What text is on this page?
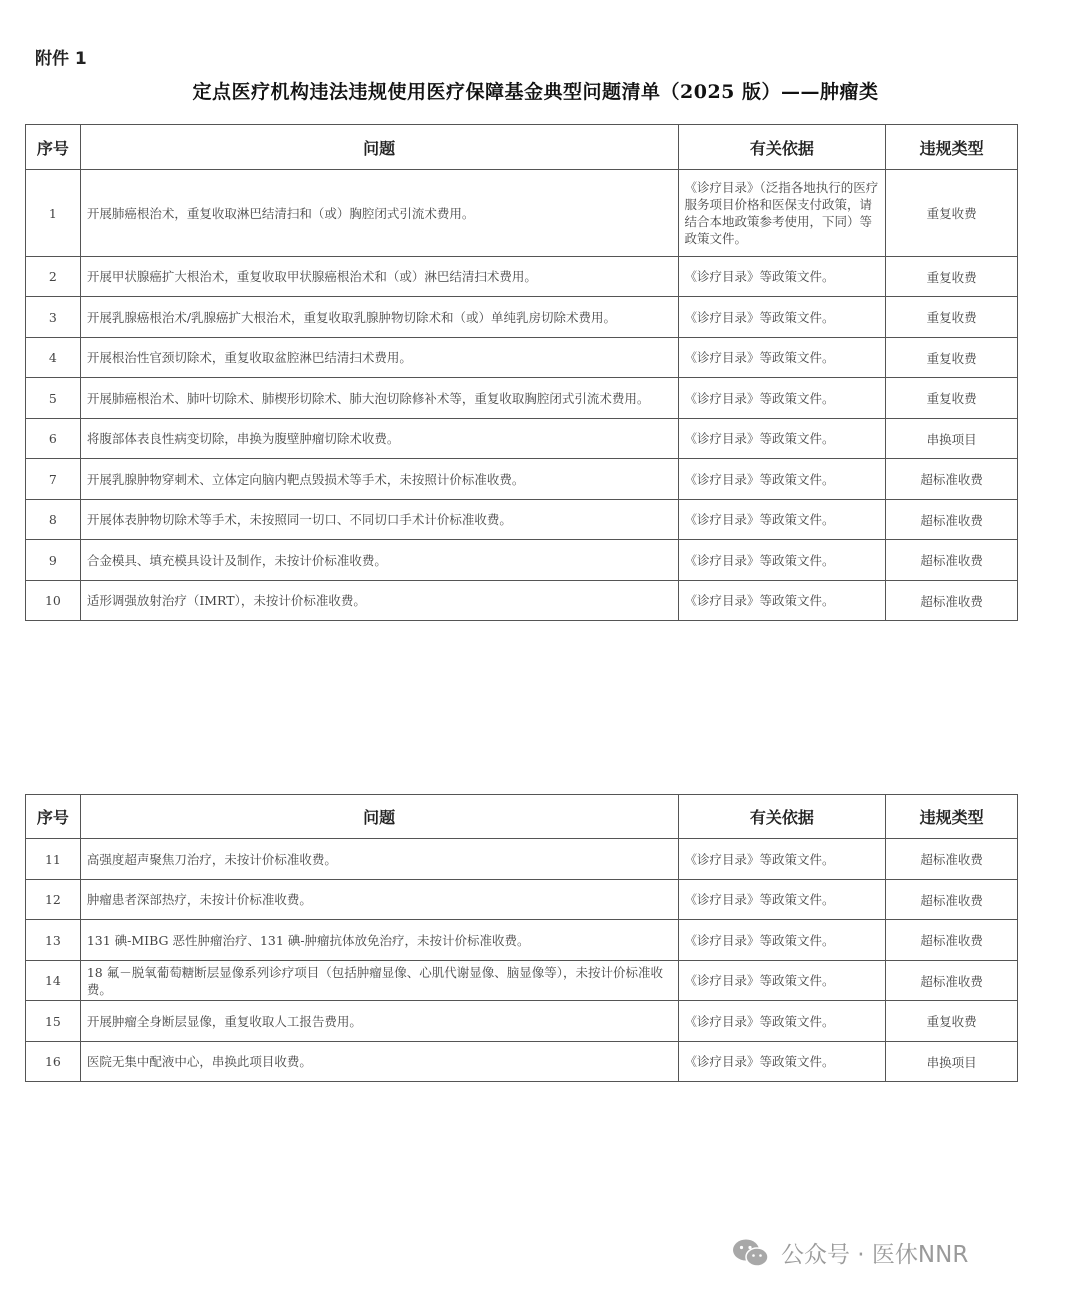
附件 1
定点医疗机构违法违规使用医疗保障基金典型问题清单（2025 版）——肿瘤类
序号	问题	有关依据	违规类型
1	开展肺癌根治术，重复收取淋巴结清扫和（或）胸腔闭式引流术费用。	《诊疗目录》（泛指各地执行的医疗服务项目价格和医保支付政策，请结合本地政策参考使用，下同）等政策文件。	重复收费
2	开展甲状腺癌扩大根治术，重复收取甲状腺癌根治术和（或）淋巴结清扫术费用。	《诊疗目录》等政策文件。	重复收费
3	开展乳腺癌根治术/乳腺癌扩大根治术，重复收取乳腺肿物切除术和（或）单纯乳房切除术费用。	《诊疗目录》等政策文件。	重复收费
4	开展根治性官颈切除术，重复收取盆腔淋巴结清扫术费用。	《诊疗目录》等政策文件。	重复收费
5	开展肺癌根治术、肺叶切除术、肺楔形切除术、肺大泡切除修补术等，重复收取胸腔闭式引流术费用。	《诊疗目录》等政策文件。	重复收费
6	将腹部体表良性病变切除，串换为腹壁肿瘤切除术收费。	《诊疗目录》等政策文件。	串换项目
7	开展乳腺肿物穿刺术、立体定向脑内靶点毁损术等手术，未按照计价标准收费。	《诊疗目录》等政策文件。	超标准收费
8	开展体表肿物切除术等手术，未按照同一切口、不同切口手术计价标准收费。	《诊疗目录》等政策文件。	超标准收费
9	合金模具、填充模具设计及制作，未按计价标准收费。	《诊疗目录》等政策文件。	超标准收费
10	适形调强放射治疗（IMRT），未按计价标准收费。	《诊疗目录》等政策文件。	超标准收费
序号	问题	有关依据	违规类型
11	高强度超声聚焦刀治疗，未按计价标准收费。	《诊疗目录》等政策文件。	超标准收费
12	肿瘤患者深部热疗，未按计价标准收费。	《诊疗目录》等政策文件。	超标准收费
13	131 碘-MIBG 恶性肿瘤治疗、131 碘-肿瘤抗体放免治疗，未按计价标准收费。	《诊疗目录》等政策文件。	超标准收费
14	18 氟－脱氧葡萄糖断层显像系列诊疗项目（包括肿瘤显像、心肌代谢显像、脑显像等），未按计价标准收费。	《诊疗目录》等政策文件。	超标准收费
15	开展肿瘤全身断层显像，重复收取人工报告费用。	《诊疗目录》等政策文件。	重复收费
16	医院无集中配液中心，串换此项目收费。	《诊疗目录》等政策文件。	串换项目
公众号 · 医休NNR
